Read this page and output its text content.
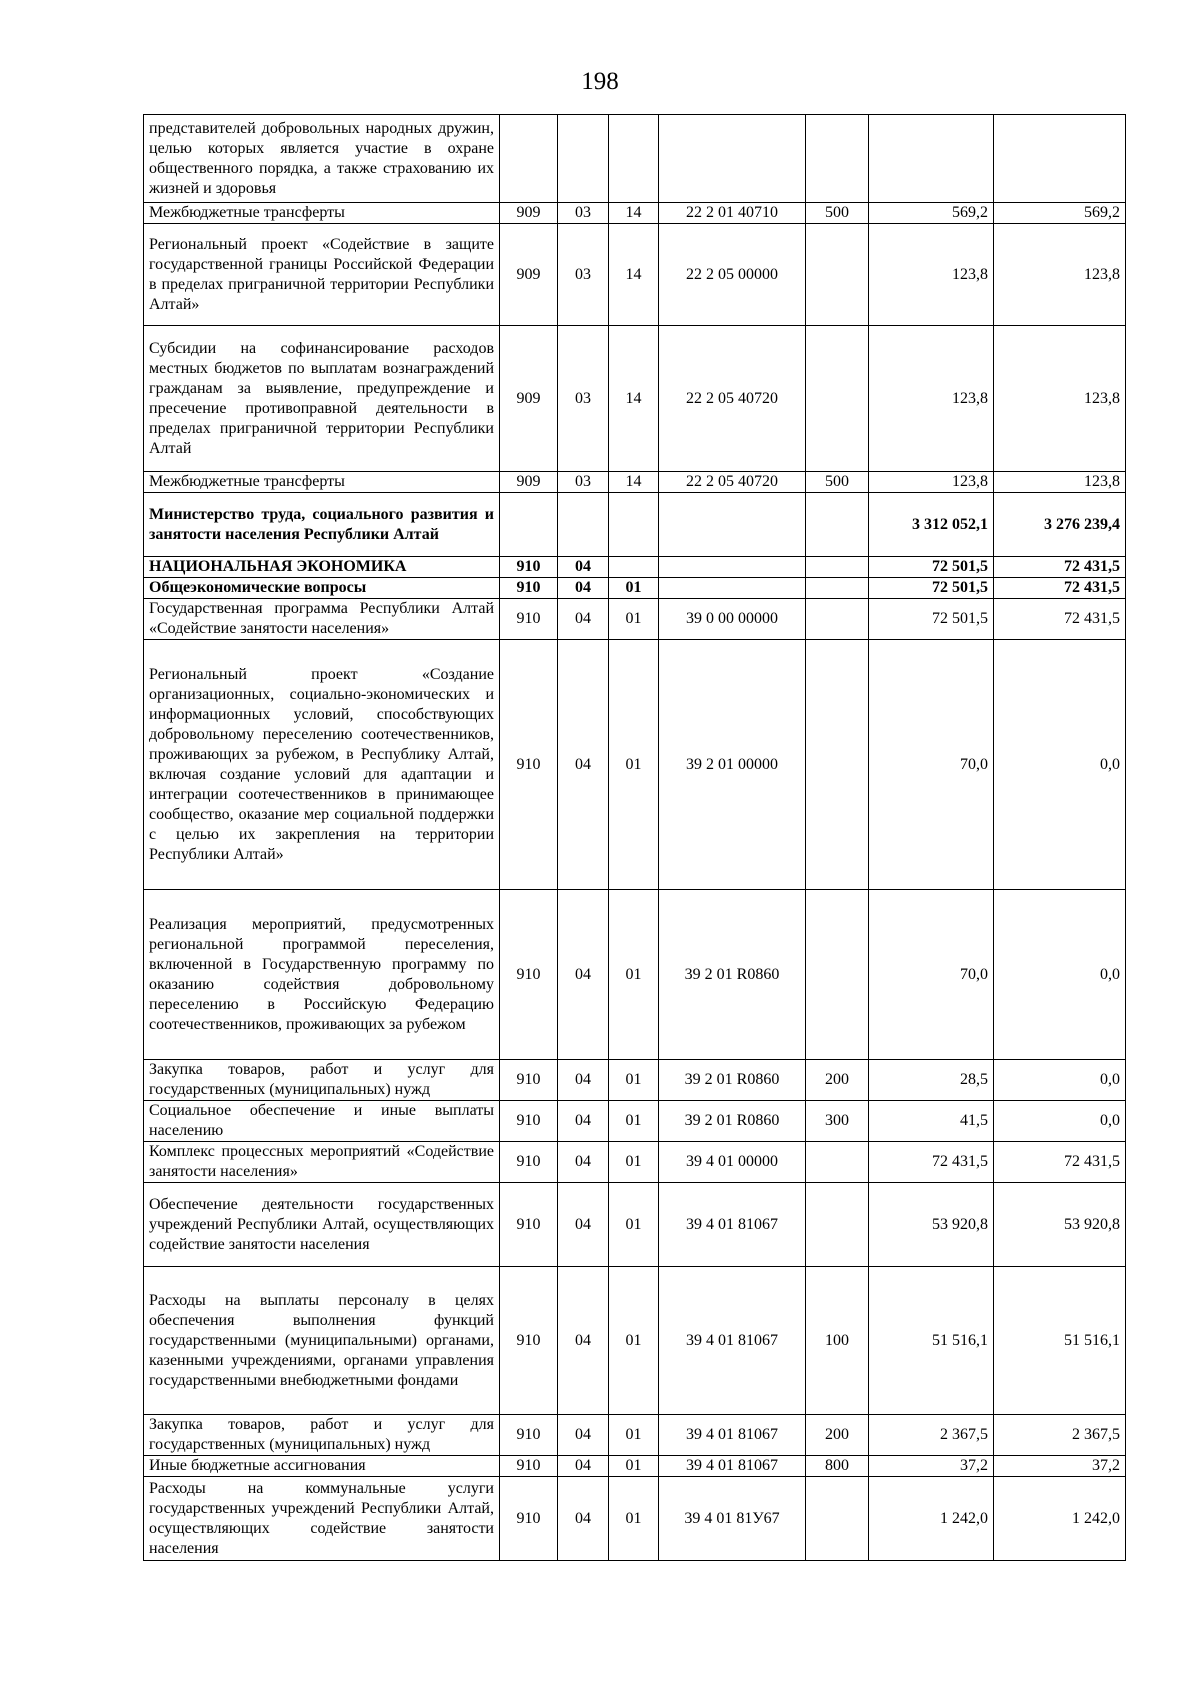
198
представителей добровольных народных дружин, целью которых является участие в охране общественного порядка, а также страхованию их жизней и здоровья							
Межбюджетные трансферты	909	03	14	22 2 01 40710	500	569,2	569,2
Региональный проект «Содействие в защите государственной границы Российской Федерации в пределах приграничной территории Республики Алтай»	909	03	14	22 2 05 00000		123,8	123,8
Субсидии на софинансирование расходов местных бюджетов по выплатам вознаграждений гражданам за выявление, предупреждение и пресечение противоправной деятельности в пределах приграничной территории Республики Алтай	909	03	14	22 2 05 40720		123,8	123,8
Межбюджетные трансферты	909	03	14	22 2 05 40720	500	123,8	123,8
Министерство труда, социального развития и занятости населения Республики Алтай						3 312 052,1	3 276 239,4
НАЦИОНАЛЬНАЯ ЭКОНОМИКА	910	04				72 501,5	72 431,5
Общеэкономические вопросы	910	04	01			72 501,5	72 431,5
Государственная программа Республики Алтай «Содействие занятости населения»	910	04	01	39 0 00 00000		72 501,5	72 431,5
Региональный проект «Создание организационных, социально-экономических и информационных условий, способствующих добровольному переселению соотечественников, проживающих за рубежом, в Республику Алтай, включая создание условий для адаптации и интеграции соотечественников в принимающее сообщество, оказание мер социальной поддержки с целью их закрепления на территории Республики Алтай»	910	04	01	39 2 01 00000		70,0	0,0
Реализация мероприятий, предусмотренных региональной программой переселения, включенной в Государственную программу по оказанию содействия добровольному переселению в Российскую Федерацию соотечественников, проживающих за рубежом	910	04	01	39 2 01 R0860		70,0	0,0
Закупка товаров, работ и услуг для государственных (муниципальных) нужд	910	04	01	39 2 01 R0860	200	28,5	0,0
Социальное обеспечение и иные выплаты населению	910	04	01	39 2 01 R0860	300	41,5	0,0
Комплекс процессных мероприятий «Содействие занятости населения»	910	04	01	39 4 01 00000		72 431,5	72 431,5
Обеспечение деятельности государственных учреждений Республики Алтай, осуществляющих содействие занятости населения	910	04	01	39 4 01 81067		53 920,8	53 920,8
Расходы на выплаты персоналу в целях обеспечения выполнения функций государственными (муниципальными) органами, казенными учреждениями, органами управления государственными внебюджетными фондами	910	04	01	39 4 01 81067	100	51 516,1	51 516,1
Закупка товаров, работ и услуг для государственных (муниципальных) нужд	910	04	01	39 4 01 81067	200	2 367,5	2 367,5
Иные бюджетные ассигнования	910	04	01	39 4 01 81067	800	37,2	37,2
Расходы на коммунальные услуги государственных учреждений Республики Алтай, осуществляющих содействие занятости населения	910	04	01	39 4 01 81У67		1 242,0	1 242,0
